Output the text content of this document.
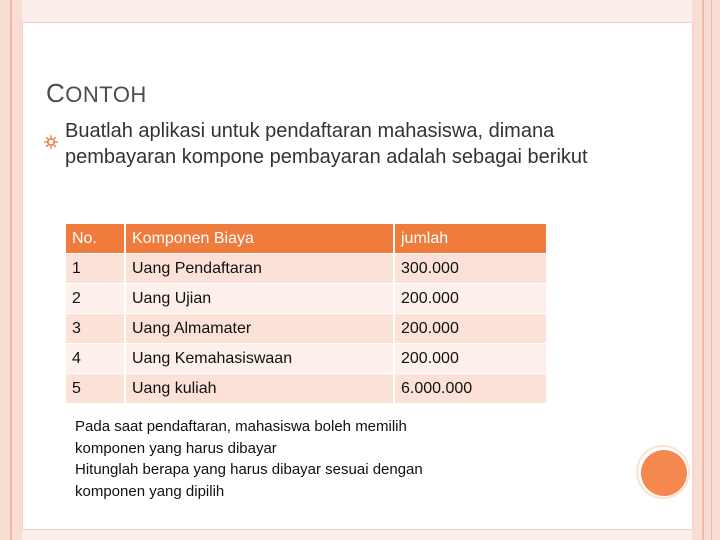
CONTOH
Buatlah aplikasi untuk pendaftaran mahasiswa, dimana pembayaran kompone pembayaran adalah sebagai berikut
No.	Komponen Biaya	jumlah
1	Uang Pendaftaran	300.000
2	Uang Ujian	200.000
3	Uang Almamater	200.000
4	Uang Kemahasiswaan	200.000
5	Uang kuliah	6.000.000
Pada saat pendaftaran, mahasiswa boleh memilih
komponen yang harus dibayar
Hitunglah berapa yang harus dibayar sesuai dengan
komponen yang dipilih
